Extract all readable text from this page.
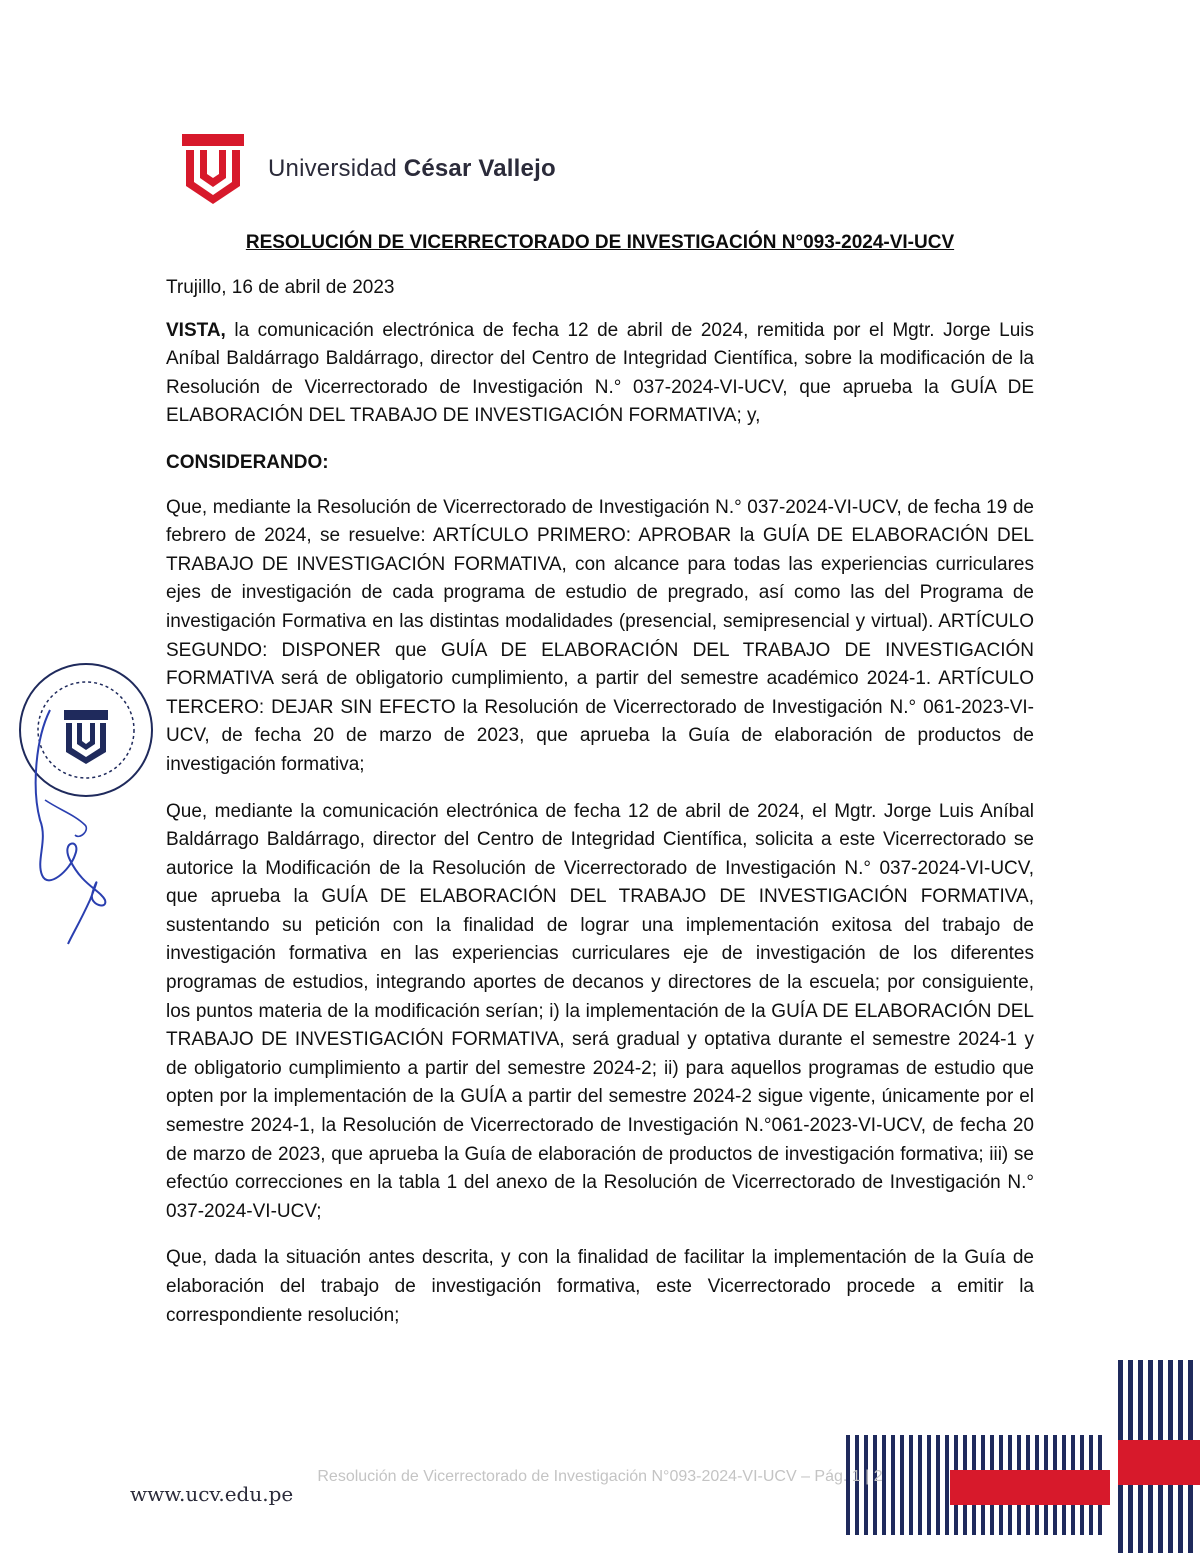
Universidad César Vallejo
RESOLUCIÓN DE VICERRECTORADO DE INVESTIGACIÓN N°093-2024-VI-UCV

Trujillo, 16 de abril de 2023

VISTA, la comunicación electrónica de fecha 12 de abril de 2024, remitida por el Mgtr. Jorge Luis Aníbal Baldárrago Baldárrago, director del Centro de Integridad Científica, sobre la modificación de la Resolución de Vicerrectorado de Investigación N.° 037-2024-VI-UCV, que aprueba la GUÍA DE ELABORACIÓN DEL TRABAJO DE INVESTIGACIÓN FORMATIVA; y,

CONSIDERANDO:

Que, mediante la Resolución de Vicerrectorado de Investigación N.° 037-2024-VI-UCV, de fecha 19 de febrero de 2024, se resuelve: ARTÍCULO PRIMERO: APROBAR la GUÍA DE ELABORACIÓN DEL TRABAJO DE INVESTIGACIÓN FORMATIVA, con alcance para todas las experiencias curriculares ejes de investigación de cada programa de estudio de pregrado, así como las del Programa de investigación Formativa en las distintas modalidades (presencial, semipresencial y virtual). ARTÍCULO SEGUNDO: DISPONER que GUÍA DE ELABORACIÓN DEL TRABAJO DE INVESTIGACIÓN FORMATIVA será de obligatorio cumplimiento, a partir del semestre académico 2024-1. ARTÍCULO TERCERO: DEJAR SIN EFECTO la Resolución de Vicerrectorado de Investigación N.° 061-2023-VI-UCV, de fecha 20 de marzo de 2023, que aprueba la Guía de elaboración de productos de investigación formativa;

Que, mediante la comunicación electrónica de fecha 12 de abril de 2024, el Mgtr. Jorge Luis Aníbal Baldárrago Baldárrago, director del Centro de Integridad Científica, solicita a este Vicerrectorado se autorice la Modificación de la Resolución de Vicerrectorado de Investigación N.° 037-2024-VI-UCV, que aprueba la GUÍA DE ELABORACIÓN DEL TRABAJO DE INVESTIGACIÓN FORMATIVA, sustentando su petición con la finalidad de lograr una implementación exitosa del trabajo de investigación formativa en las experiencias curriculares eje de investigación de los diferentes programas de estudios, integrando aportes de decanos y directores de la escuela; por consiguiente, los puntos materia de la modificación serían; i) la implementación de la GUÍA DE ELABORACIÓN DEL TRABAJO DE INVESTIGACIÓN FORMATIVA, será gradual y optativa durante el semestre 2024-1 y de obligatorio cumplimiento a partir del semestre 2024-2; ii) para aquellos programas de estudio que opten por la implementación de la GUÍA a partir del semestre 2024-2 sigue vigente, únicamente por el semestre 2024-1, la Resolución de Vicerrectorado de Investigación N.°061-2023-VI-UCV, de fecha 20 de marzo de 2023, que aprueba la Guía de elaboración de productos de investigación formativa; iii) se efectúo correcciones en la tabla 1 del anexo de la Resolución de Vicerrectorado de Investigación N.° 037-2024-VI-UCV;

Que, dada la situación antes descrita, y con la finalidad de facilitar la implementación de la Guía de elaboración del trabajo de investigación formativa, este Vicerrectorado procede a emitir la correspondiente resolución;

Resolución de Vicerrectorado de Investigación N°093-2024-VI-UCV – Pág. 1 | 2
www.ucv.edu.pe
